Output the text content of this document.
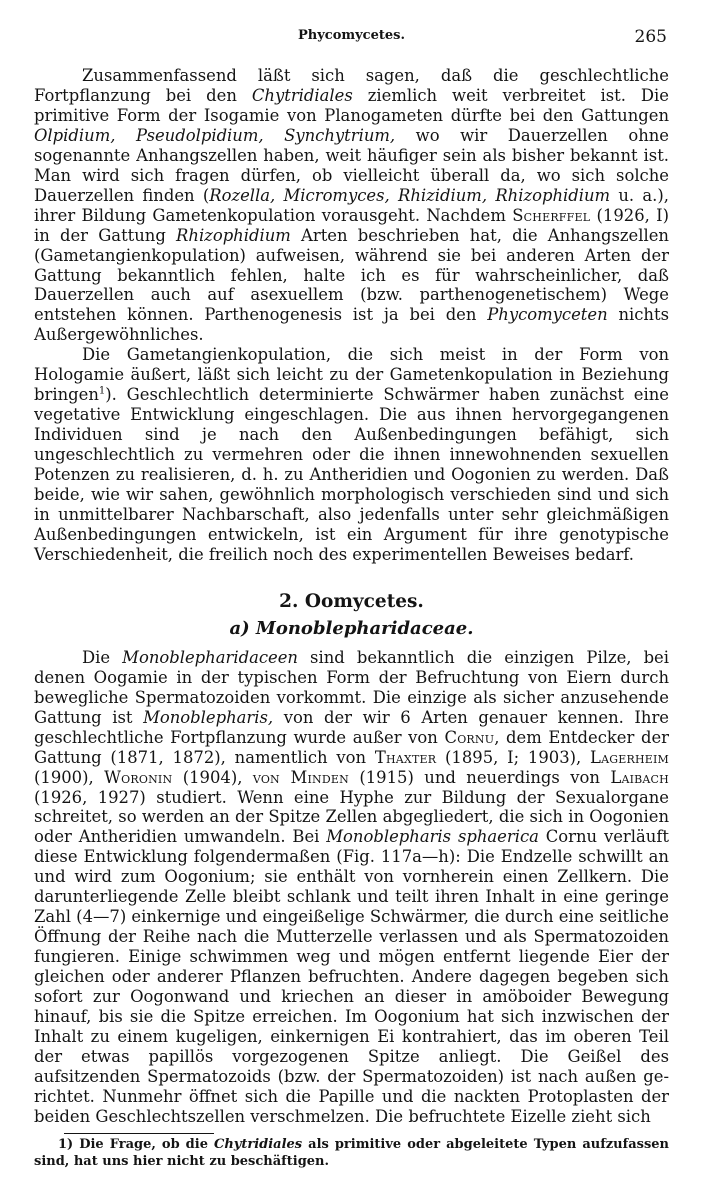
Phycomycetes.	265

Zusammenfassend läßt sich sagen, daß die geschlechtliche Fortpflanzung bei den Chytridiales ziemlich weit verbreitet ist. Die primitive Form der Isogamie von Planogameten dürfte bei den Gattungen Olpidium, Pseudolpidium, Synchytrium, wo wir Dauerzellen ohne sogenannte Anhangszellen haben, weit häufiger sein als bisher bekannt ist. Man wird sich fragen dürfen, ob vielleicht überall da, wo sich solche Dauerzellen finden (Rozella, Micromyces, Rhizidium, Rhizophidium u. a.), ihrer Bildung Gametenkopulation vorausgeht. Nachdem Scherffel (1926, I) in der Gattung Rhizophidium Arten beschrieben hat, die Anhangszellen (Gametangienkopulation) aufweisen, während sie bei anderen Arten der Gattung bekanntlich fehlen, halte ich es für wahrscheinlicher, daß Dauerzellen auch auf asexuellem (bzw. parthenogenetischem) Wege entstehen können. Parthenogenesis ist ja bei den Phycomyceten nichts Außergewöhnliches.

Die Gametangienkopulation, die sich meist in der Form von Hologamie äußert, läßt sich leicht zu der Gametenkopulation in Beziehung bringen$^1$). Geschlechtlich determinierte Schwärmer haben zunächst eine vegetative Entwicklung eingeschlagen. Die aus ihnen hervorgegangenen Individuen sind je nach den Außenbedingungen befähigt, sich ungeschlechtlich zu vermehren oder die ihnen innewohnenden sexuellen Potenzen zu realisieren, d. h. zu Antheridien und Oogonien zu werden. Daß beide, wie wir sahen, gewöhnlich morphologisch verschieden sind und sich in unmittelbarer Nachbarschaft, also jedenfalls unter sehr gleichmäßigen Außenbedingungen entwickeln, ist ein Argument für ihre genotypische Verschiedenheit, die freilich noch des experimentellen Beweises bedarf.

2. Oomycetes.
a) Monoblepharidaceae.

Die Monoblepharidaceen sind bekanntlich die einzigen Pilze, bei denen Oogamie in der typischen Form der Befruchtung von Eiern durch bewegliche Spermatozoiden vorkommt. Die einzige als sicher anzusehende Gattung ist Monoblepharis, von der wir 6 Arten genauer kennen. Ihre geschlechtliche Fortpflanzung wurde außer von Cornu, dem Entdecker der Gattung (1871, 1872), namentlich von Thaxter (1895, I; 1903), Lagerheim (1900), Woronin (1904), von Minden (1915) und neuerdings von Laibach (1926, 1927) studiert. Wenn eine Hyphe zur Bildung der Sexualorgane schreitet, so werden an der Spitze Zellen abgegliedert, die sich in Oogonien oder Antheridien umwandeln. Bei Monoblepharis sphaerica Cornu verläuft diese Entwicklung folgendermaßen (Fig. 117a—h): Die Endzelle schwillt an und wird zum Oogonium; sie enthält von vornherein einen Zellkern. Die darunterliegende Zelle bleibt schlank und teilt ihren Inhalt in eine geringe Zahl (4—7) einkernige und eingeißelige Schwärmer, die durch eine seitliche Öffnung der Reihe nach die Mutterzelle verlassen und als Spermatozoiden fungieren. Einige schwimmen weg und mögen entfernt liegende Eier der gleichen oder anderer Pflanzen befruchten. Andere dagegen begeben sich sofort zur Oogonwand und kriechen an dieser in amöboider Bewegung hinauf, bis sie die Spitze erreichen. Im Oogonium hat sich inzwischen der Inhalt zu einem kugeligen, einkernigen Ei kontrahiert, das im oberen Teil der etwas papillös vorgezogenen Spitze anliegt. Die Geißel des aufsitzenden Spermatozoids (bzw. der Spermatozoiden) ist nach außen gerichtet. Nunmehr öffnet sich die Papille und die nackten Protoplasten der beiden Geschlechtszellen verschmelzen. Die befruchtete Eizelle zieht sich

1) Die Frage, ob die Chytridiales als primitive oder abgeleitete Typen aufzufassen sind, hat uns hier nicht zu beschäftigen.
